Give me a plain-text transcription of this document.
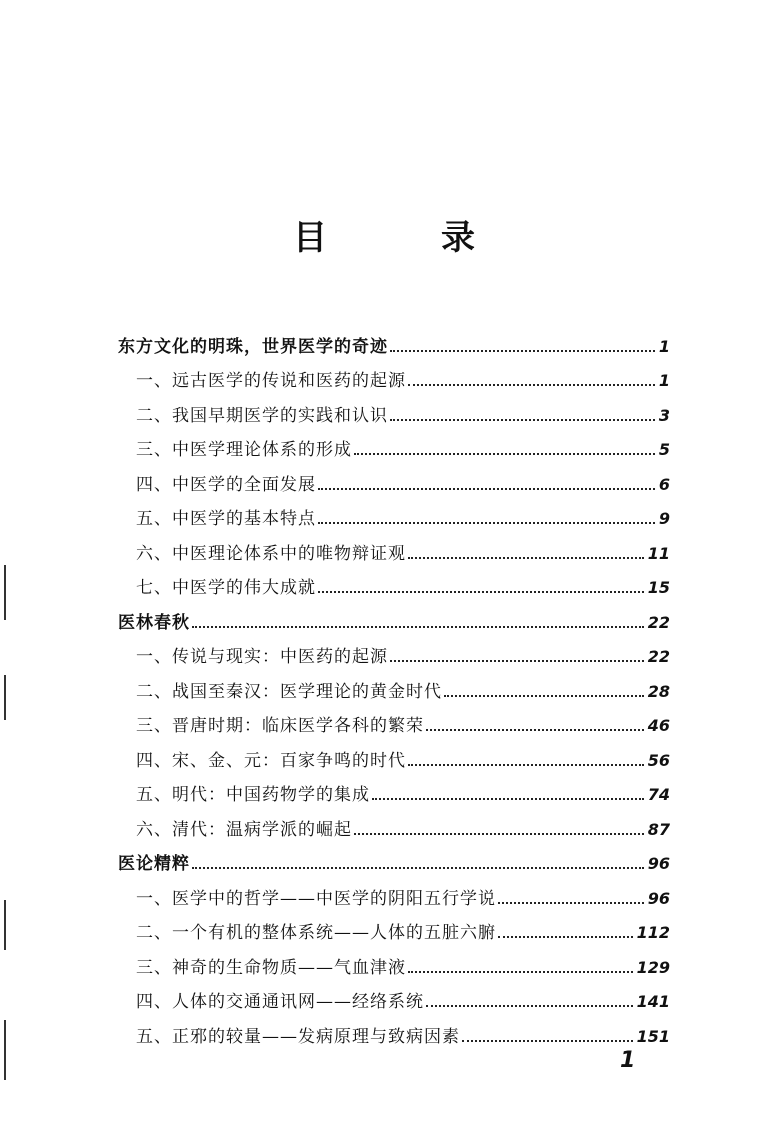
目　录
东方文化的明珠，世界医学的奇迹	1
一、远古医学的传说和医药的起源	1
二、我国早期医学的实践和认识	3
三、中医学理论体系的形成	5
四、中医学的全面发展	6
五、中医学的基本特点	9
六、中医理论体系中的唯物辩证观	11
七、中医学的伟大成就	15
医林春秋	22
一、传说与现实：中医药的起源	22
二、战国至秦汉：医学理论的黄金时代	28
三、晋唐时期：临床医学各科的繁荣	46
四、宋、金、元：百家争鸣的时代	56
五、明代：中国药物学的集成	74
六、清代：温病学派的崛起	87
医论精粹	96
一、医学中的哲学——中医学的阴阳五行学说	96
二、一个有机的整体系统——人体的五脏六腑	112
三、神奇的生命物质——气血津液	129
四、人体的交通通讯网——经络系统	141
五、正邪的较量——发病原理与致病因素	151
1
